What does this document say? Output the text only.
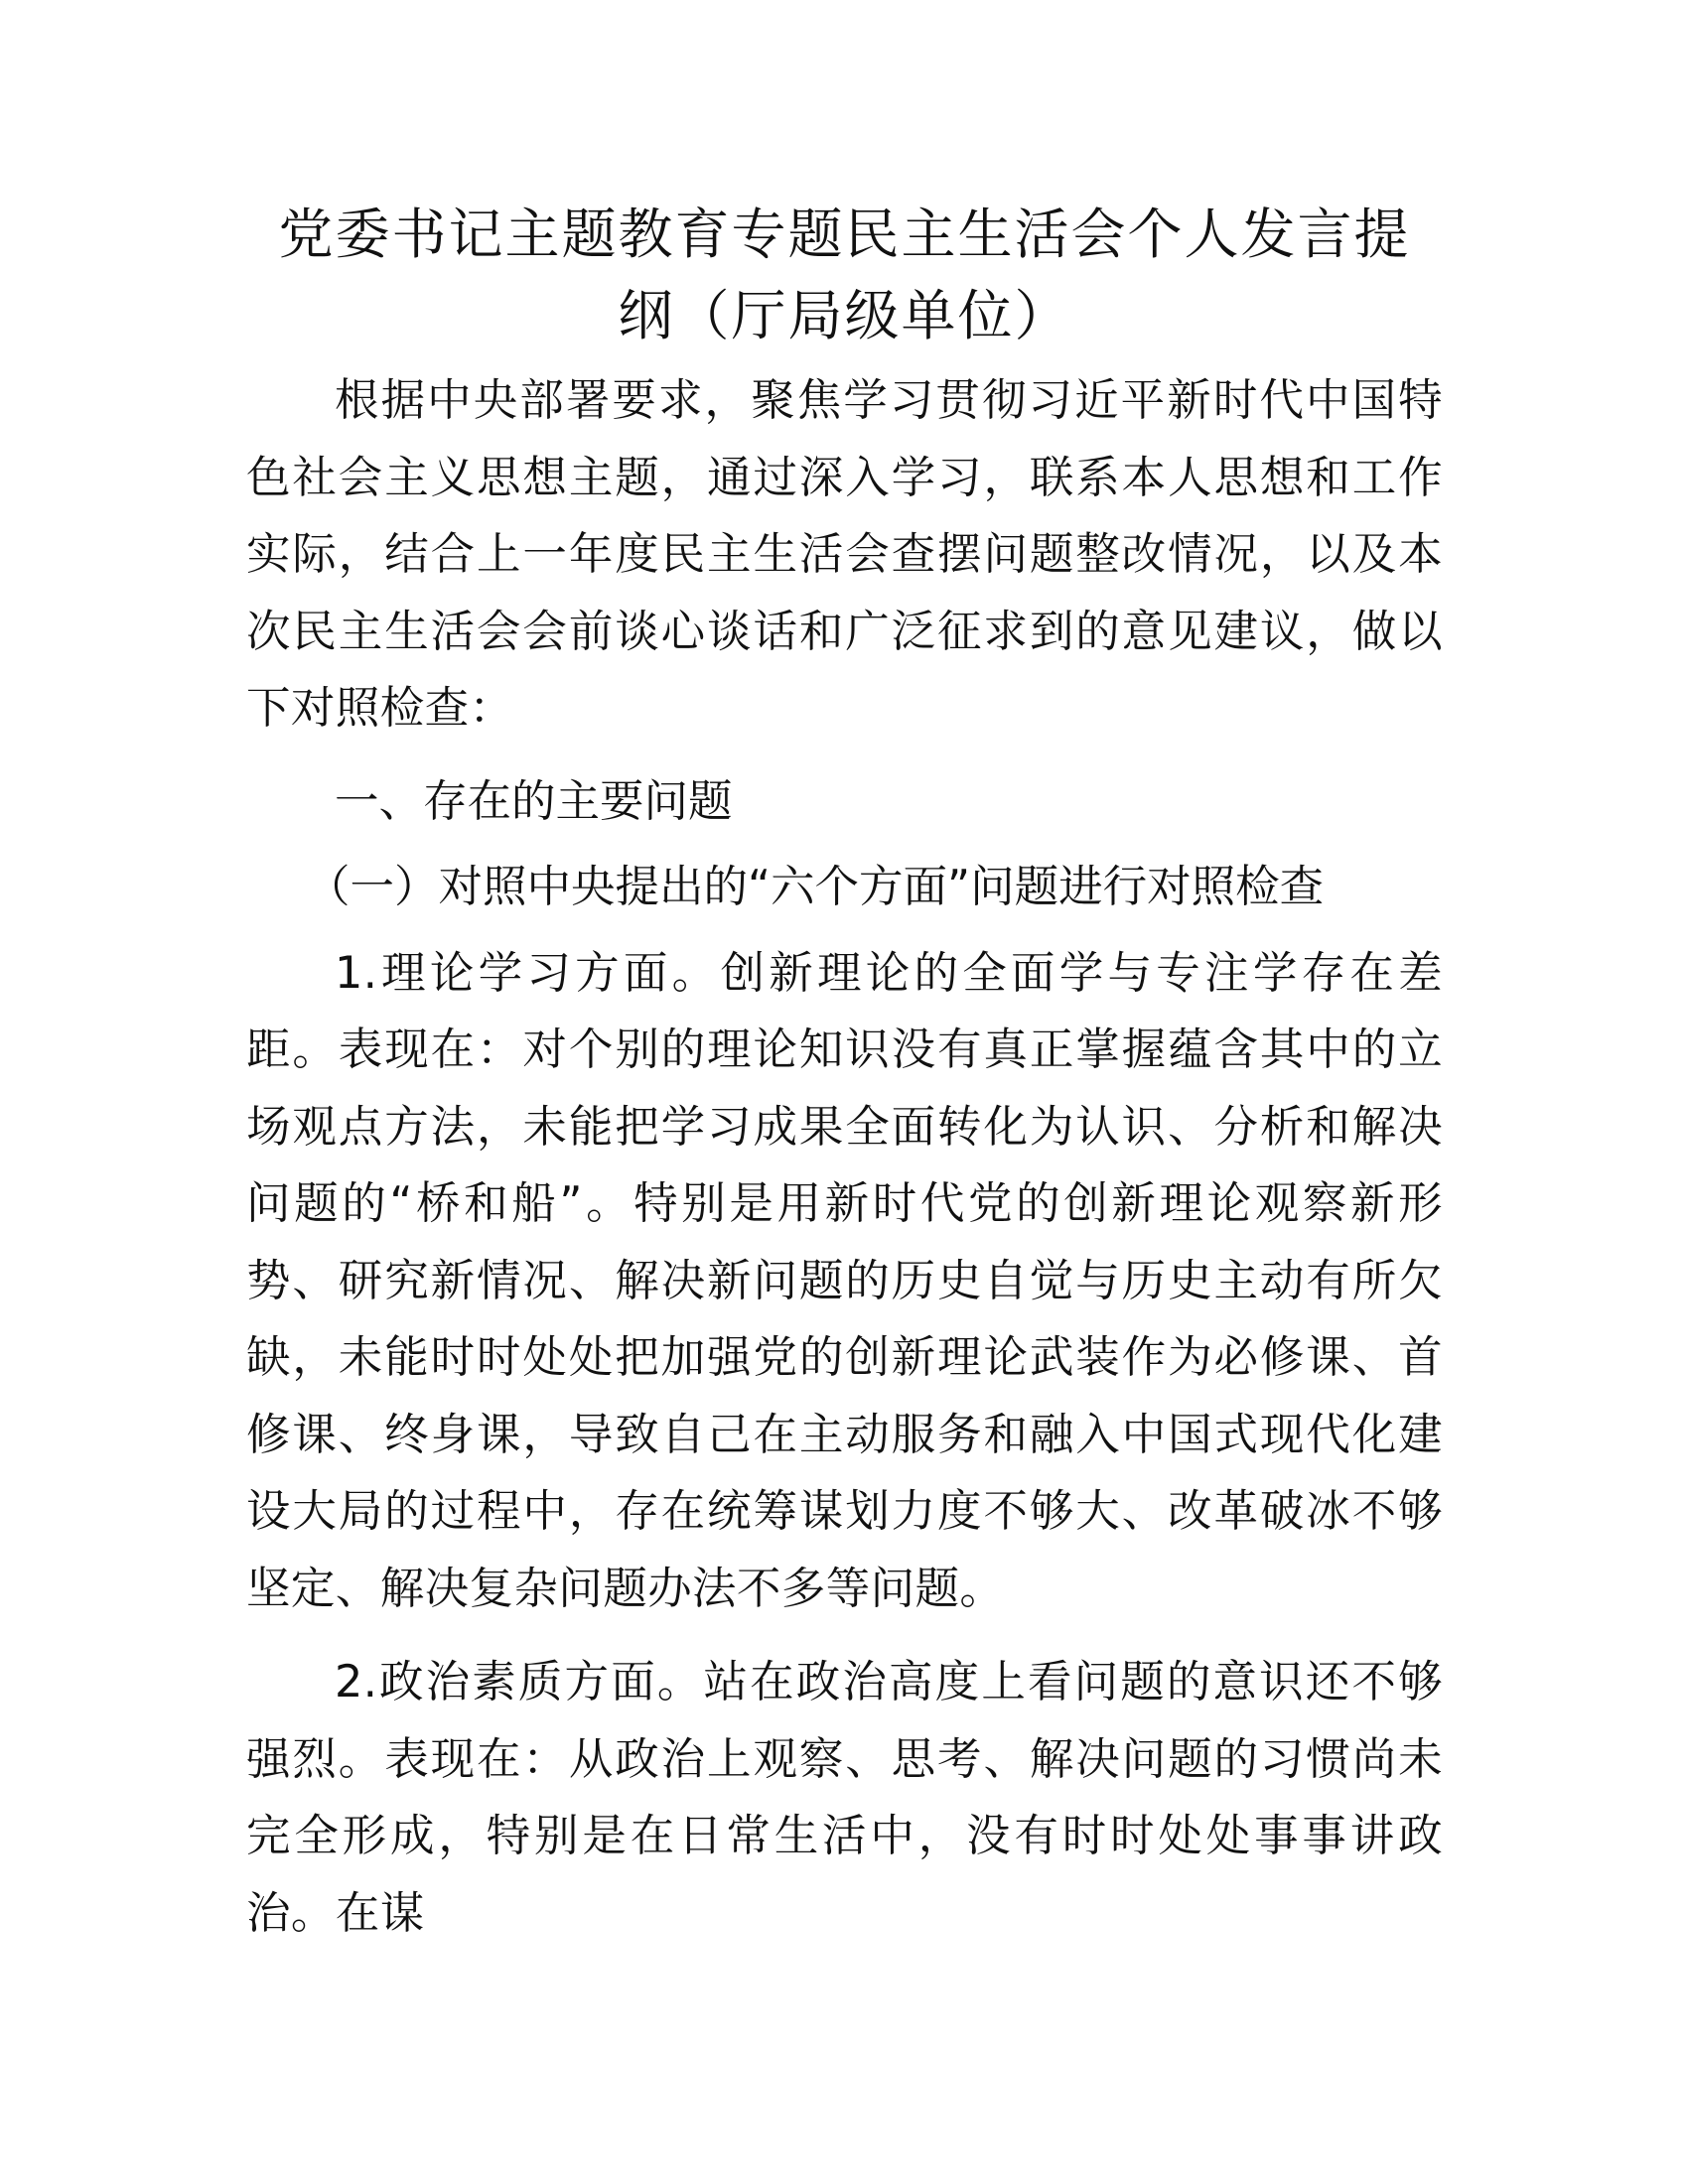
党委书记主题教育专题民主生活会个人发言提
纲（厅局级单位）

根据中央部署要求，聚焦学习贯彻习近平新时代中国特色社会主义思想主题，通过深入学习，联系本人思想和工作实际，结合上一年度民主生活会查摆问题整改情况，以及本次民主生活会会前谈心谈话和广泛征求到的意见建议，做以下对照检查：

一、存在的主要问题

（一）对照中央提出的“六个方面”问题进行对照检查

1.理论学习方面。创新理论的全面学与专注学存在差距。表现在：对个别的理论知识没有真正掌握蕴含其中的立场观点方法，未能把学习成果全面转化为认识、分析和解决问题的“桥和船”。特别是用新时代党的创新理论观察新形势、研究新情况、解决新问题的历史自觉与历史主动有所欠缺，未能时时处处把加强党的创新理论武装作为必修课、首修课、终身课，导致自己在主动服务和融入中国式现代化建设大局的过程中，存在统筹谋划力度不够大、改革破冰不够坚定、解决复杂问题办法不多等问题。

2.政治素质方面。站在政治高度上看问题的意识还不够强烈。表现在：从政治上观察、思考、解决问题的习惯尚未完全形成，特别是在日常生活中，没有时时处处事事讲政治。在谋
